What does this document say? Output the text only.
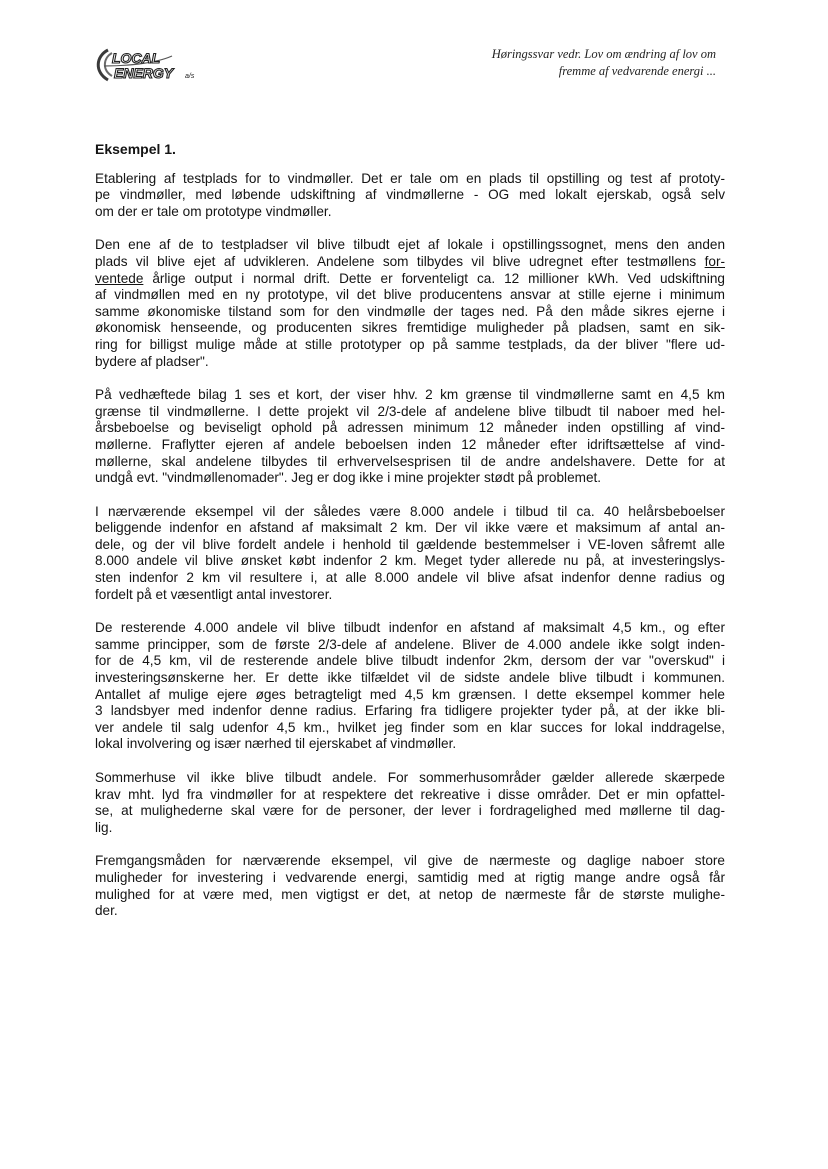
LOCAL
ENERGY a/s
Høringssvar vedr. Lov om ændring af lov om
fremme af vedvarende energi ...
Eksempel 1.
Etablering af testplads for to vindmøller. Det er tale om en plads til opstilling og test af prototy-
pe vindmøller, med løbende udskiftning af vindmøllerne - OG med lokalt ejerskab, også selv
om der er tale om prototype vindmøller.
Den ene af de to testpladser vil blive tilbudt ejet af lokale i opstillingssognet, mens den anden
plads vil blive ejet af udvikleren. Andelene som tilbydes vil blive udregnet efter testmøllens for-
ventede årlige output i normal drift. Dette er forventeligt ca. 12 millioner kWh. Ved udskiftning
af vindmøllen med en ny prototype, vil det blive producentens ansvar at stille ejerne i minimum
samme økonomiske tilstand som for den vindmølle der tages ned. På den måde sikres ejerne i
økonomisk henseende, og producenten sikres fremtidige muligheder på pladsen, samt en sik-
ring for billigst mulige måde at stille prototyper op på samme testplads, da der bliver "flere ud-
bydere af pladser".
På vedhæftede bilag 1 ses et kort, der viser hhv. 2 km grænse til vindmøllerne samt en 4,5 km
grænse til vindmøllerne. I dette projekt vil 2/3-dele af andelene blive tilbudt til naboer med hel-
årsbeboelse og beviseligt ophold på adressen minimum 12 måneder inden opstilling af vind-
møllerne. Fraflytter ejeren af andele beboelsen inden 12 måneder efter idriftsættelse af vind-
møllerne, skal andelene tilbydes til erhvervelsesprisen til de andre andelshavere. Dette for at
undgå evt. "vindmøllenomader". Jeg er dog ikke i mine projekter stødt på problemet.
I nærværende eksempel vil der således være 8.000 andele i tilbud til ca. 40 helårsbeboelser
beliggende indenfor en afstand af maksimalt 2 km. Der vil ikke være et maksimum af antal an-
dele, og der vil blive fordelt andele i henhold til gældende bestemmelser i VE-loven såfremt alle
8.000 andele vil blive ønsket købt indenfor 2 km. Meget tyder allerede nu på, at investeringslys-
sten indenfor 2 km vil resultere i, at alle 8.000 andele vil blive afsat indenfor denne radius og
fordelt på et væsentligt antal investorer.
De resterende 4.000 andele vil blive tilbudt indenfor en afstand af maksimalt 4,5 km., og efter
samme principper, som de første 2/3-dele af andelene. Bliver de 4.000 andele ikke solgt inden-
for de 4,5 km, vil de resterende andele blive tilbudt indenfor 2km, dersom der var "overskud" i
investeringsønskerne her. Er dette ikke tilfældet vil de sidste andele blive tilbudt i kommunen.
Antallet af mulige ejere øges betragteligt med 4,5 km grænsen. I dette eksempel kommer hele
3 landsbyer med indenfor denne radius. Erfaring fra tidligere projekter tyder på, at der ikke bli-
ver andele til salg udenfor 4,5 km., hvilket jeg finder som en klar succes for lokal inddragelse,
lokal involvering og især nærhed til ejerskabet af vindmøller.
Sommerhuse vil ikke blive tilbudt andele. For sommerhusområder gælder allerede skærpede
krav mht. lyd fra vindmøller for at respektere det rekreative i disse områder. Det er min opfattel-
se, at mulighederne skal være for de personer, der lever i fordragelighed med møllerne til dag-
lig.
Fremgangsmåden for nærværende eksempel, vil give de nærmeste og daglige naboer store
muligheder for investering i vedvarende energi, samtidig med at rigtig mange andre også får
mulighed for at være med, men vigtigst er det, at netop de nærmeste får de største mulighe-
der.
